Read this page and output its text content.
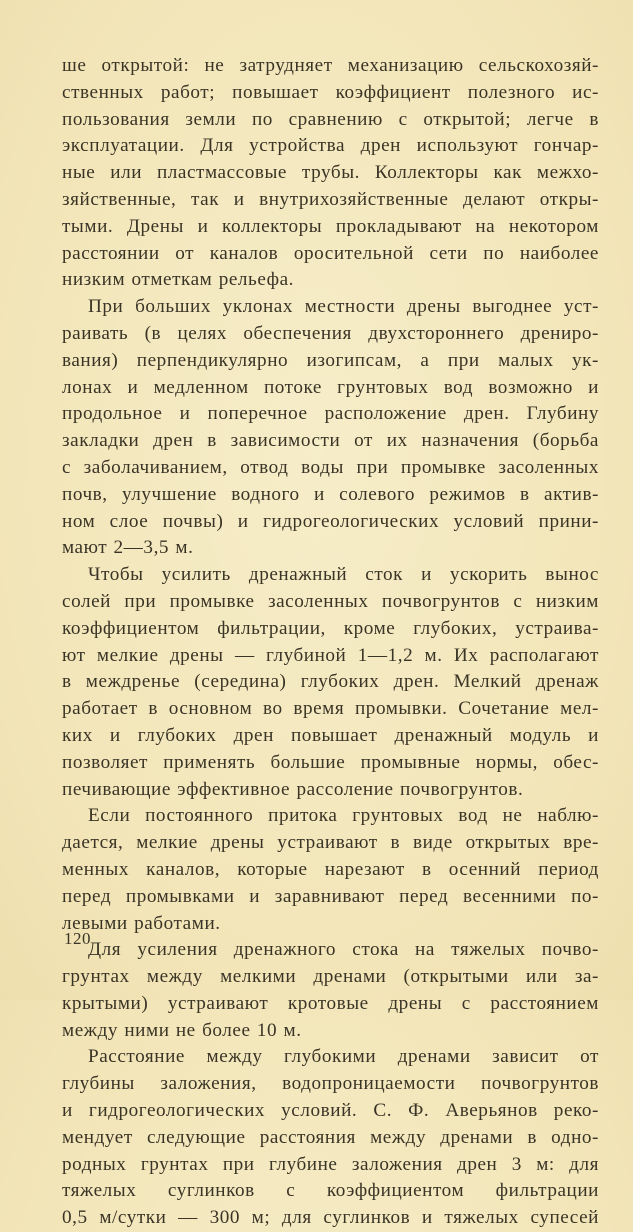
ше открытой: не затрудняет механизацию сельскохозяй-
ственных работ; повышает коэффициент полезного ис-
пользования земли по сравнению с открытой; легче в
эксплуатации. Для устройства дрен используют гончар-
ные или пластмассовые трубы. Коллекторы как межхо-
зяйственные, так и внутрихозяйственные делают откры-
тыми. Дрены и коллекторы прокладывают на некотором
расстоянии от каналов оросительной сети по наиболее
низким отметкам рельефа.

При больших уклонах местности дрены выгоднее уст-
раивать (в целях обеспечения двухстороннего дрениро-
вания) перпендикулярно изогипсам, а при малых ук-
лонах и медленном потоке грунтовых вод возможно и
продольное и поперечное расположение дрен. Глубину
закладки дрен в зависимости от их назначения (борьба
с заболачиванием, отвод воды при промывке засоленных
почв, улучшение водного и солевого режимов в актив-
ном слое почвы) и гидрогеологических условий прини-
мают 2—3,5 м.

Чтобы усилить дренажный сток и ускорить вынос
солей при промывке засоленных почвогрунтов с низким
коэффициентом фильтрации, кроме глубоких, устраива-
ют мелкие дрены — глубиной 1—1,2 м. Их располагают
в междренье (середина) глубоких дрен. Мелкий дренаж
работает в основном во время промывки. Сочетание мел-
ких и глубоких дрен повышает дренажный модуль и
позволяет применять большие промывные нормы, обес-
печивающие эффективное рассоление почвогрунтов.

Если постоянного притока грунтовых вод не наблю-
дается, мелкие дрены устраивают в виде открытых вре-
менных каналов, которые нарезают в осенний период
перед промывками и заравнивают перед весенними по-
левыми работами.

Для усиления дренажного стока на тяжелых почво-
грунтах между мелкими дренами (открытыми или за-
крытыми) устраивают кротовые дрены с расстоянием
между ними не более 10 м.

Расстояние между глубокими дренами зависит от
глубины заложения, водопроницаемости почвогрунтов
и гидрогеологических условий. С. Ф. Аверьянов реко-
мендует следующие расстояния между дренами в одно-
родных грунтах при глубине заложения дрен 3 м: для
тяжелых суглинков с коэффициентом фильтрации
0,5 м/сутки — 300 м; для суглинков и тяжелых супесей

120
